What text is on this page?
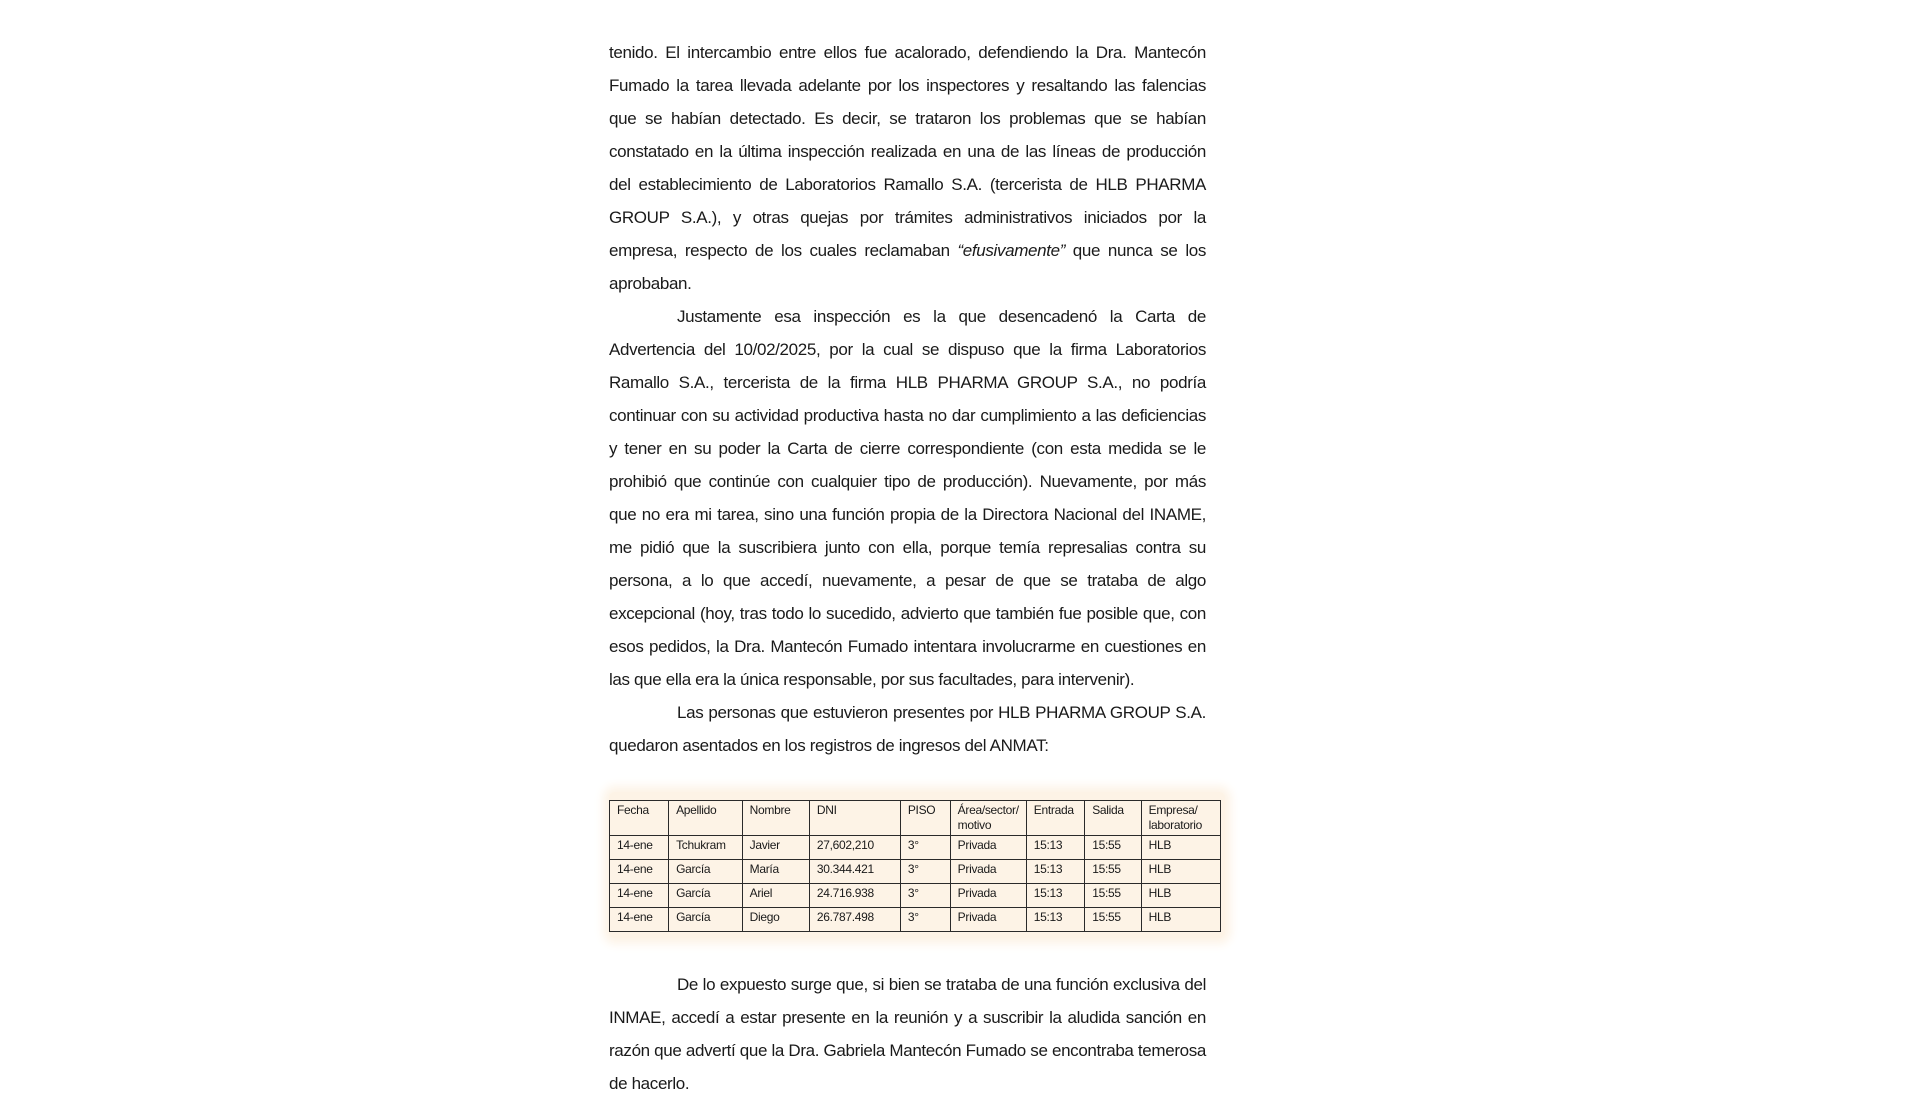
tenido. El intercambio entre ellos fue acalorado, defendiendo la Dra. Mantecón Fumado la tarea llevada adelante por los inspectores y resaltando las falencias que se habían detectado. Es decir, se trataron los problemas que se habían constatado en la última inspección realizada en una de las líneas de producción del establecimiento de Laboratorios Ramallo S.A. (tercerista de HLB PHARMA GROUP S.A.), y otras quejas por trámites administrativos iniciados por la empresa, respecto de los cuales reclamaban “efusivamente” que nunca se los aprobaban.

Justamente esa inspección es la que desencadenó la Carta de Advertencia del 10/02/2025, por la cual se dispuso que la firma Laboratorios Ramallo S.A., tercerista de la firma HLB PHARMA GROUP S.A., no podría continuar con su actividad productiva hasta no dar cumplimiento a las deficiencias y tener en su poder la Carta de cierre correspondiente (con esta medida se le prohibió que continúe con cualquier tipo de producción). Nuevamente, por más que no era mi tarea, sino una función propia de la Directora Nacional del INAME, me pidió que la suscribiera junto con ella, porque temía represalias contra su persona, a lo que accedí, nuevamente, a pesar de que se trataba de algo excepcional (hoy, tras todo lo sucedido, advierto que también fue posible que, con esos pedidos, la Dra. Mantecón Fumado intentara involucrarme en cuestiones en las que ella era la única responsable, por sus facultades, para intervenir).

Las personas que estuvieron presentes por HLB PHARMA GROUP S.A. quedaron asentados en los registros de ingresos del ANMAT:

Fecha	Apellido	Nombre	DNI	PISO	Área/sector/ motivo	Entrada	Salida	Empresa/ laboratorio
14-ene	Tchukram	Javier	27,602,210	3°	Privada	15:13	15:55	HLB
14-ene	García	María	30.344.421	3°	Privada	15:13	15:55	HLB
14-ene	García	Ariel	24.716.938	3°	Privada	15:13	15:55	HLB
14-ene	García	Diego	26.787.498	3°	Privada	15:13	15:55	HLB

De lo expuesto surge que, si bien se trataba de una función exclusiva del INMAE, accedí a estar presente en la reunión y a suscribir la aludida sanción en razón que advertí que la Dra. Gabriela Mantecón Fumado se encontraba temerosa de hacerlo.
